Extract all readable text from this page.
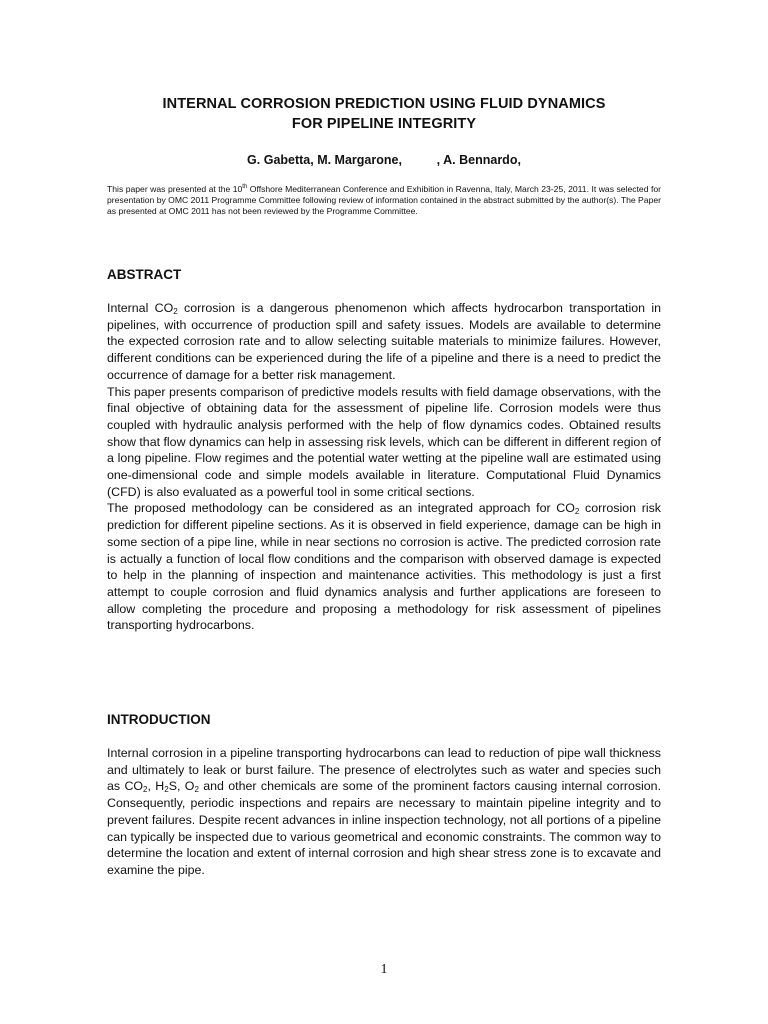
INTERNAL CORROSION PREDICTION USING FLUID DYNAMICS
FOR PIPELINE INTEGRITY
G. Gabetta, M. Margarone,          , A. Bennardo,
This paper was presented at the 10th Offshore Mediterranean Conference and Exhibition in Ravenna, Italy, March 23-25, 2011. It was selected for presentation by OMC 2011 Programme Committee following review of information contained in the abstract submitted by the author(s). The Paper as presented at OMC 2011 has not been reviewed by the Programme Committee.
ABSTRACT

Internal $CO_2$ corrosion is a dangerous phenomenon which affects hydrocarbon transportation in pipelines, with occurrence of production spill and safety issues. Models are available to determine the expected corrosion rate and to allow selecting suitable materials to minimize failures. However, different conditions can be experienced during the life of a pipeline and there is a need to predict the occurrence of damage for a better risk management.

This paper presents comparison of predictive models results with field damage observations, with the final objective of obtaining data for the assessment of pipeline life. Corrosion models were thus coupled with hydraulic analysis performed with the help of flow dynamics codes. Obtained results show that flow dynamics can help in assessing risk levels, which can be different in different region of a long pipeline. Flow regimes and the potential water wetting at the pipeline wall are estimated using one-dimensional code and simple models available in literature. Computational Fluid Dynamics (CFD) is also evaluated as a powerful tool in some critical sections.

The proposed methodology can be considered as an integrated approach for $CO_2$ corrosion risk prediction for different pipeline sections. As it is observed in field experience, damage can be high in some section of a pipe line, while in near sections no corrosion is active. The predicted corrosion rate is actually a function of local flow conditions and the comparison with observed damage is expected to help in the planning of inspection and maintenance activities. This methodology is just a first attempt to couple corrosion and fluid dynamics analysis and further applications are foreseen to allow completing the procedure and proposing a methodology for risk assessment of pipelines transporting hydrocarbons.

INTRODUCTION

Internal corrosion in a pipeline transporting hydrocarbons can lead to reduction of pipe wall thickness and ultimately to leak or burst failure. The presence of electrolytes such as water and species such as $CO_2$, $H_2S$, $O_2$ and other chemicals are some of the prominent factors causing internal corrosion. Consequently, periodic inspections and repairs are necessary to maintain pipeline integrity and to prevent failures. Despite recent advances in inline inspection technology, not all portions of a pipeline can typically be inspected due to various geometrical and economic constraints. The common way to determine the location and extent of internal corrosion and high shear stress zone is to excavate and examine the pipe.

1
